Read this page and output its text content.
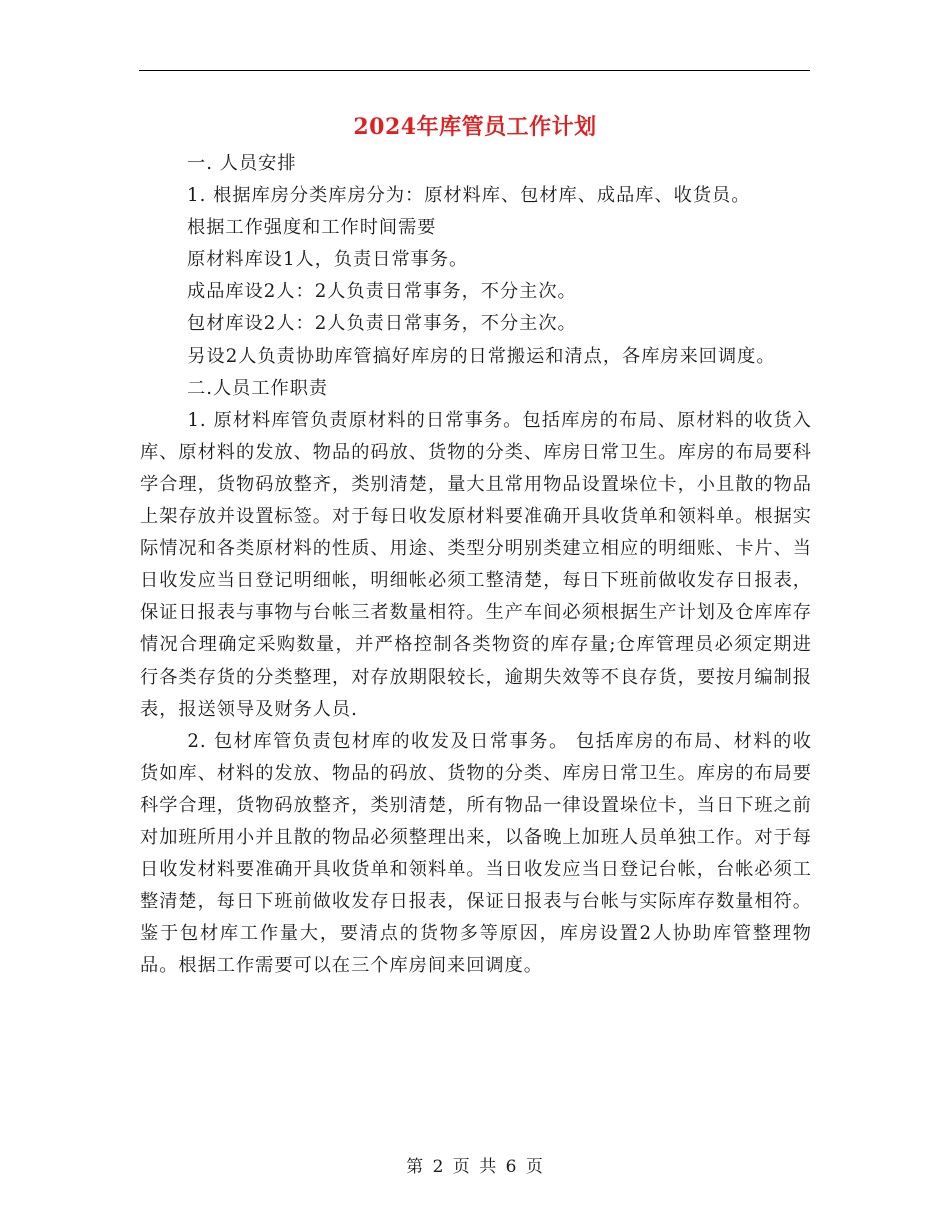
2024年库管员工作计划

一. 人员安排

1. 根据库房分类库房分为：原材料库、包材库、成品库、收货员。

根据工作强度和工作时间需要

原材料库设1人，负责日常事务。

成品库设2人：2人负责日常事务，不分主次。

包材库设2人：2人负责日常事务，不分主次。

另设2人负责协助库管搞好库房的日常搬运和清点，各库房来回调度。

二.人员工作职责

1. 原材料库管负责原材料的日常事务。包括库房的布局、原材料的收货入库、原材料的发放、物品的码放、货物的分类、库房日常卫生。库房的布局要科学合理，货物码放整齐，类别清楚，量大且常用物品设置垛位卡，小且散的物品上架存放并设置标签。对于每日收发原材料要准确开具收货单和领料单。根据实际情况和各类原材料的性质、用途、类型分明别类建立相应的明细账、卡片、当日收发应当日登记明细帐，明细帐必须工整清楚，每日下班前做收发存日报表，保证日报表与事物与台帐三者数量相符。生产车间必须根据生产计划及仓库库存情况合理确定采购数量，并严格控制各类物资的库存量;仓库管理员必须定期进行各类存货的分类整理，对存放期限较长，逾期失效等不良存货，要按月编制报表，报送领导及财务人员.

2. 包材库管负责包材库的收发及日常事务。 包括库房的布局、材料的收货如库、材料的发放、物品的码放、货物的分类、库房日常卫生。库房的布局要科学合理，货物码放整齐，类别清楚，所有物品一律设置垛位卡，当日下班之前对加班所用小并且散的物品必须整理出来，以备晚上加班人员单独工作。对于每日收发材料要准确开具收货单和领料单。当日收发应当日登记台帐，台帐必须工整清楚，每日下班前做收发存日报表，保证日报表与台帐与实际库存数量相符。鉴于包材库工作量大，要清点的货物多等原因，库房设置2人协助库管整理物品。根据工作需要可以在三个库房间来回调度。

第 2 页 共 6 页
